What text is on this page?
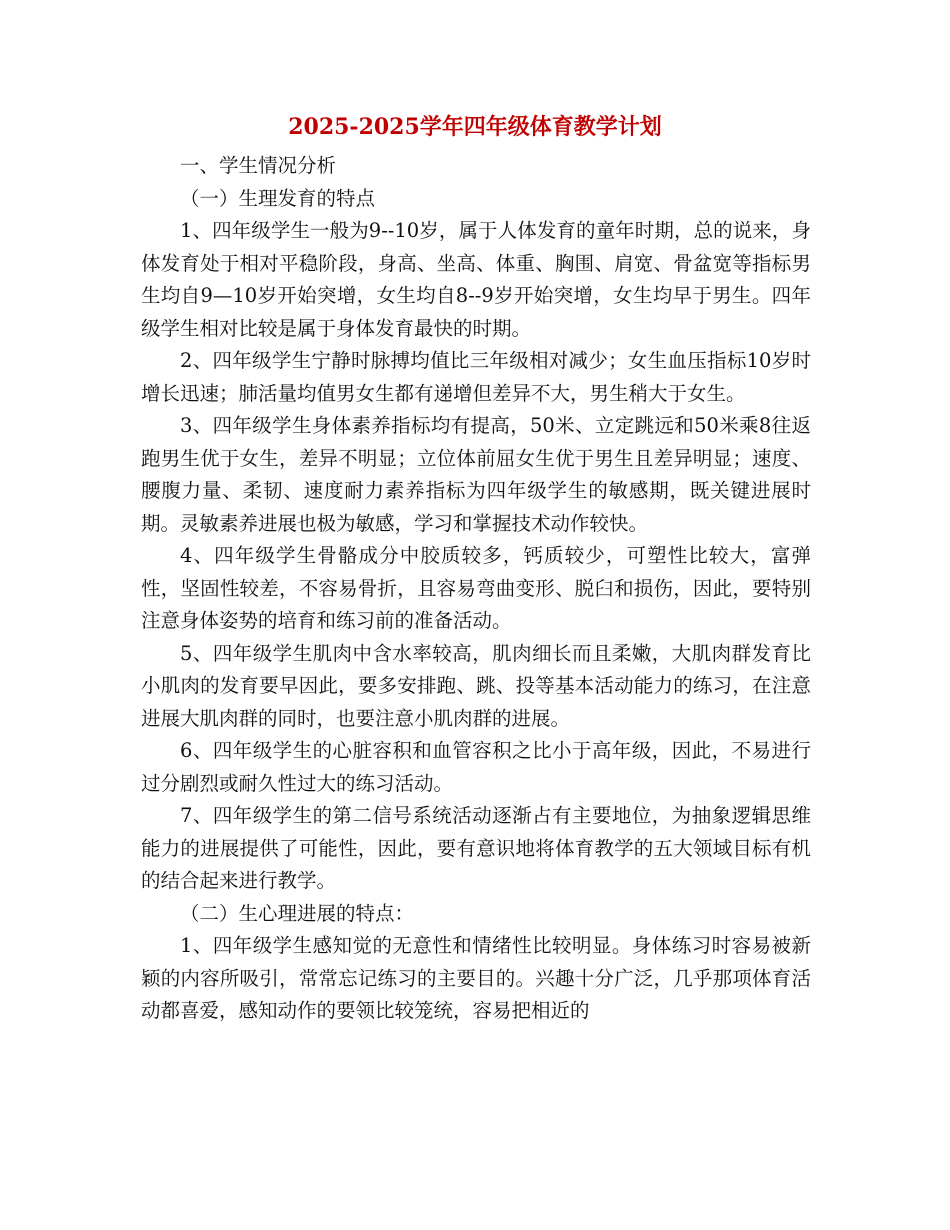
2025-2025学年四年级体育教学计划

一、学生情况分析

（一）生理发育的特点

1、四年级学生一般为9--10岁，属于人体发育的童年时期，总的说来，身体发育处于相对平稳阶段，身高、坐高、体重、胸围、肩宽、骨盆宽等指标男生均自9—10岁开始突增，女生均自8--9岁开始突增，女生均早于男生。四年级学生相对比较是属于身体发育最快的时期。

2、四年级学生宁静时脉搏均值比三年级相对减少；女生血压指标10岁时增长迅速；肺活量均值男女生都有递增但差异不大，男生稍大于女生。

3、四年级学生身体素养指标均有提高，50米、立定跳远和50米乘8往返跑男生优于女生，差异不明显；立位体前屈女生优于男生且差异明显；速度、腰腹力量、柔韧、速度耐力素养指标为四年级学生的敏感期，既关键进展时期。灵敏素养进展也极为敏感，学习和掌握技术动作较快。

4、四年级学生骨骼成分中胶质较多，钙质较少，可塑性比较大，富弹性，坚固性较差，不容易骨折，且容易弯曲变形、脱臼和损伤，因此，要特别注意身体姿势的培育和练习前的准备活动。

5、四年级学生肌肉中含水率较高，肌肉细长而且柔嫩，大肌肉群发育比小肌肉的发育要早因此，要多安排跑、跳、投等基本活动能力的练习，在注意进展大肌肉群的同时，也要注意小肌肉群的进展。

6、四年级学生的心脏容积和血管容积之比小于高年级，因此，不易进行过分剧烈或耐久性过大的练习活动。

7、四年级学生的第二信号系统活动逐渐占有主要地位，为抽象逻辑思维能力的进展提供了可能性，因此，要有意识地将体育教学的五大领域目标有机的结合起来进行教学。

（二）生心理进展的特点：

1、四年级学生感知觉的无意性和情绪性比较明显。身体练习时容易被新颖的内容所吸引，常常忘记练习的主要目的。兴趣十分广泛，几乎那项体育活动都喜爱，感知动作的要领比较笼统，容易把相近的
